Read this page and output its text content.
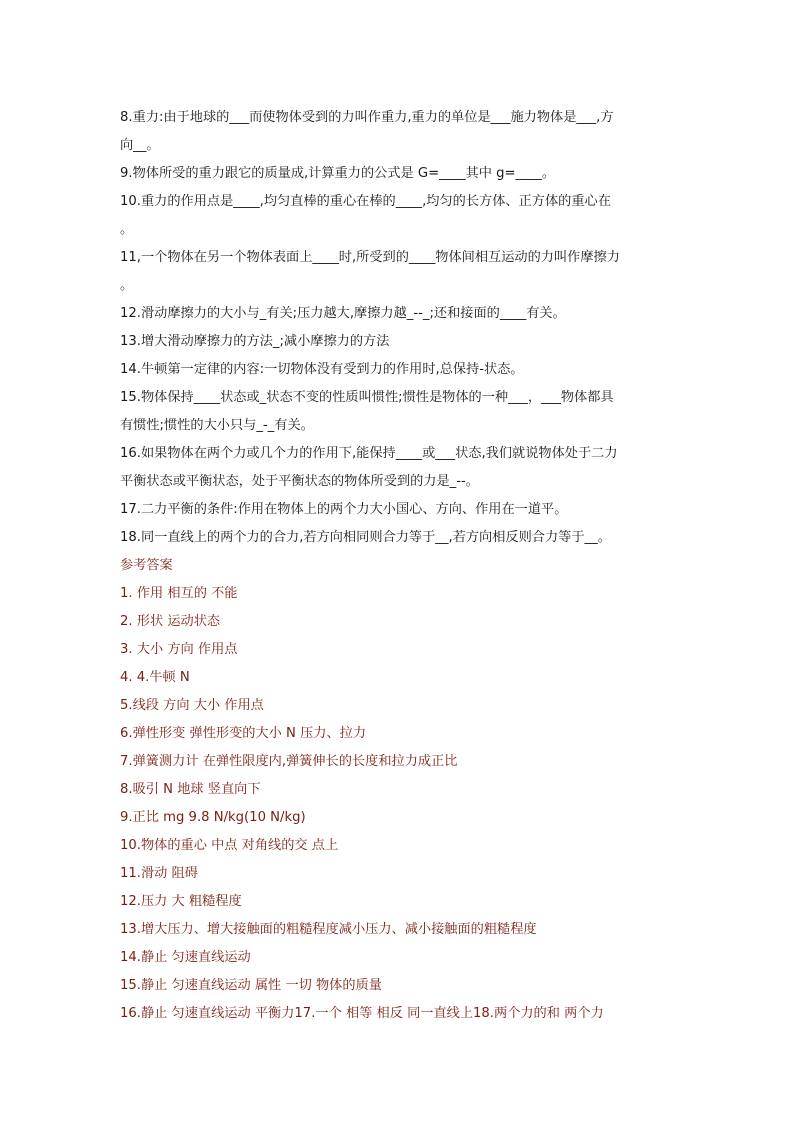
8.重力:由于地球的___而使物体受到的力叫作重力,重力的单位是___施力物体是___,方

向__。

9.物体所受的重力跟它的质量成,计算重力的公式是 G=____其中 g=____。

10.重力的作用点是____,均匀直棒的重心在棒的____,均匀的长方体、正方体的重心在

。

11,一个物体在另一个物体表面上____时,所受到的____物体间相互运动的力叫作摩擦力

。

12.滑动摩擦力的大小与_有关;压力越大,摩擦力越_--_;还和接面的____有关。

13.增大滑动摩擦力的方法_;减小摩擦力的方法

14.牛顿第一定律的内容:一切物体没有受到力的作用时,总保持-状态。

15.物体保持____状态或_状态不变的性质叫惯性;惯性是物体的一种___，___物体都具

有惯性;惯性的大小只与_-_有关。

16.如果物体在两个力或几个力的作用下,能保持____或___状态,我们就说物体处于二力

平衡状态或平衡状态，处于平衡状态的物体所受到的力是_--。

17.二力平衡的条件:作用在物体上的两个力大小国心、方向、作用在一道平。

18.同一直线上的两个力的合力,若方向相同则合力等于__,若方向相反则合力等于__。

参考答案

1. 作用 相互的 不能

2. 形状 运动状态

3. 大小 方向 作用点

4. 4.牛顿 N

5.线段 方向 大小 作用点

6.弹性形变 弹性形变的大小 N 压力、拉力

7.弹簧测力计 在弹性限度内,弹簧伸长的长度和拉力成正比

8.吸引 N 地球 竖直向下

9.正比 mg 9.8 N/kg(10 N/kg)

10.物体的重心 中点 对角线的交 点上

11.滑动 阻碍

12.压力 大 粗糙程度

13.增大压力、增大接触面的粗糙程度减小压力、减小接触面的粗糙程度

14.静止 匀速直线运动

15.静止 匀速直线运动 属性 一切 物体的质量

16.静止 匀速直线运动 平衡力17.一个 相等 相反 同一直线上18.两个力的和 两个力
